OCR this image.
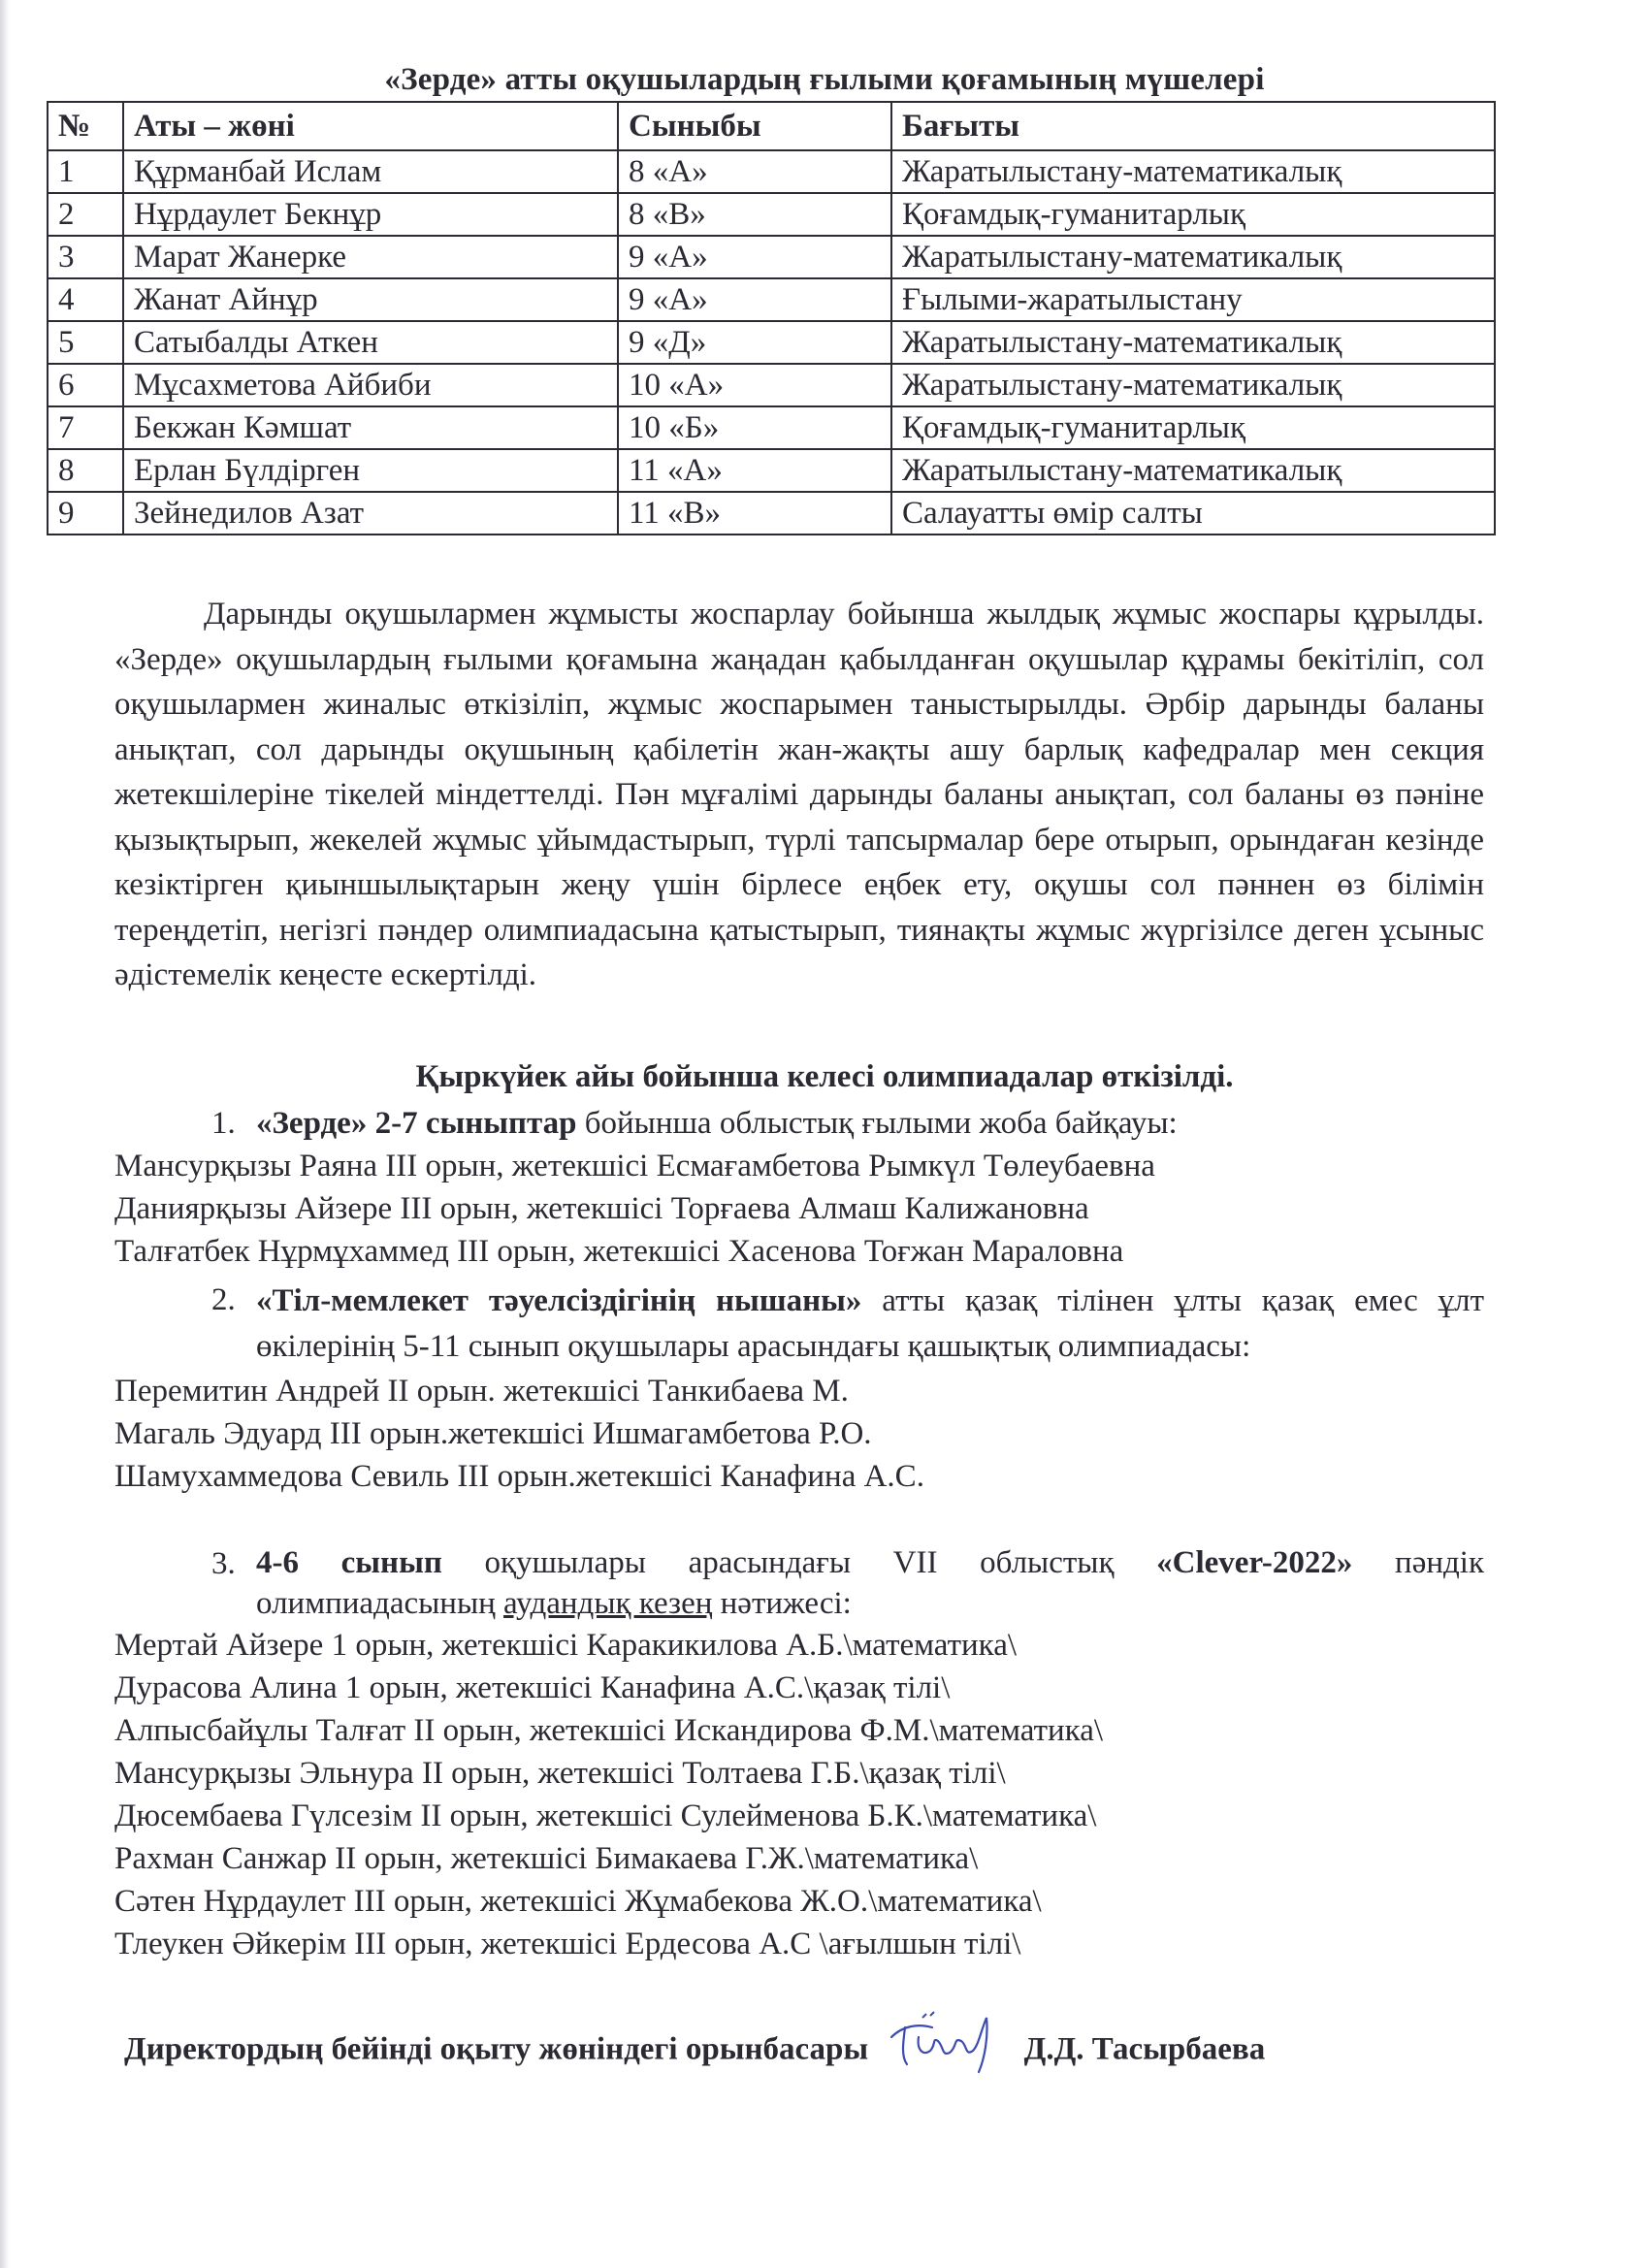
«Зерде» атты оқушылардың ғылыми қоғамының мүшелері
№	Аты – жөні	Сыныбы	Бағыты
1	Құрманбай Ислам	8 «А»	Жаратылыстану-математикалық
2	Нұрдаулет Бекнұр	8 «В»	Қоғамдық-гуманитарлық
3	Марат Жанерке	9 «А»	Жаратылыстану-математикалық
4	Жанат Айнұр	9 «А»	Ғылыми-жаратылыстану
5	Сатыбалды Аткен	9 «Д»	Жаратылыстану-математикалық
6	Мұсахметова Айбиби	10 «А»	Жаратылыстану-математикалық
7	Бекжан Кәмшат	10 «Б»	Қоғамдық-гуманитарлық
8	Ерлан Бүлдірген	11 «А»	Жаратылыстану-математикалық
9	Зейнедилов Азат	11 «В»	Салауатты өмір салты
Дарынды оқушылармен жұмысты жоспарлау бойынша жылдық жұмыс жоспары құрылды. «Зерде» оқушылардың ғылыми қоғамына жаңадан қабылданған оқушылар құрамы бекітіліп, сол оқушылармен жиналыс өткізіліп, жұмыс жоспарымен таныстырылды. Әрбір дарынды баланы анықтап, сол дарынды оқушының қабілетін жан-жақты ашу барлық кафедралар мен секция жетекшілеріне тікелей міндеттелді. Пән мұғалімі дарынды баланы анықтап, сол баланы өз пәніне қызықтырып, жекелей жұмыс ұйымдастырып, түрлі тапсырмалар бере отырып, орындаған кезінде кезіктірген қиыншылықтарын жеңу үшін бірлесе еңбек ету, оқушы сол пәннен өз білімін тереңдетіп, негізгі пәндер олимпиадасына қатыстырып, тиянақты жұмыс жүргізілсе деген ұсыныс әдістемелік кеңесте ескертілді.
Қыркүйек айы бойынша келесі олимпиадалар өткізілді.
1. «Зерде» 2-7 сыныптар бойынша облыстық ғылыми жоба байқауы:
Мансурқызы Раяна III орын, жетекшісі Есмағамбетова Рымкүл Төлеубаевна
Даниярқызы Айзере III орын, жетекшісі Торғаева Алмаш Калижановна
Талғатбек Нұрмұхаммед III орын, жетекшісі Хасенова Тоғжан Мараловна
2. «Тіл-мемлекет тәуелсіздігінің нышаны» атты қазақ тілінен ұлты қазақ емес ұлт өкілерінің 5-11 сынып оқушылары арасындағы қашықтық олимпиадасы:
Перемитин Андрей II орын. жетекшісі Танкибаева М.
Магаль Эдуард III орын.жетекшісі Ишмагамбетова Р.О.
Шамухаммедова Севиль III орын.жетекшісі Канафина А.С.
3. 4-6 сынып оқушылары арасындағы VII облыстық «Clever-2022» пәндік олимпиадасының аудандық кезең нәтижесі:
Мертай Айзере 1 орын, жетекшісі Каракикилова А.Б.\математика\
Дурасова Алина 1 орын, жетекшісі Канафина А.С.\қазақ тілі\
Алпысбайұлы Талғат II орын, жетекшісі Искандирова Ф.М.\математика\
Мансурқызы Эльнура II орын, жетекшісі Толтаева Г.Б.\қазақ тілі\
Дюсембаева Гүлсезім II орын, жетекшісі Сулейменова Б.К.\математика\
Рахман Санжар II орын, жетекшісі Бимакаева Г.Ж.\математика\
Сәтен Нұрдаулет III орын, жетекшісі Жұмабекова Ж.О.\математика\
Тлеукен Әйкерім III орын, жетекшісі Ердесова А.С \ағылшын тілі\
Директордың бейінді оқыту жөніндегі орынбасары	Д.Д. Тасырбаева
